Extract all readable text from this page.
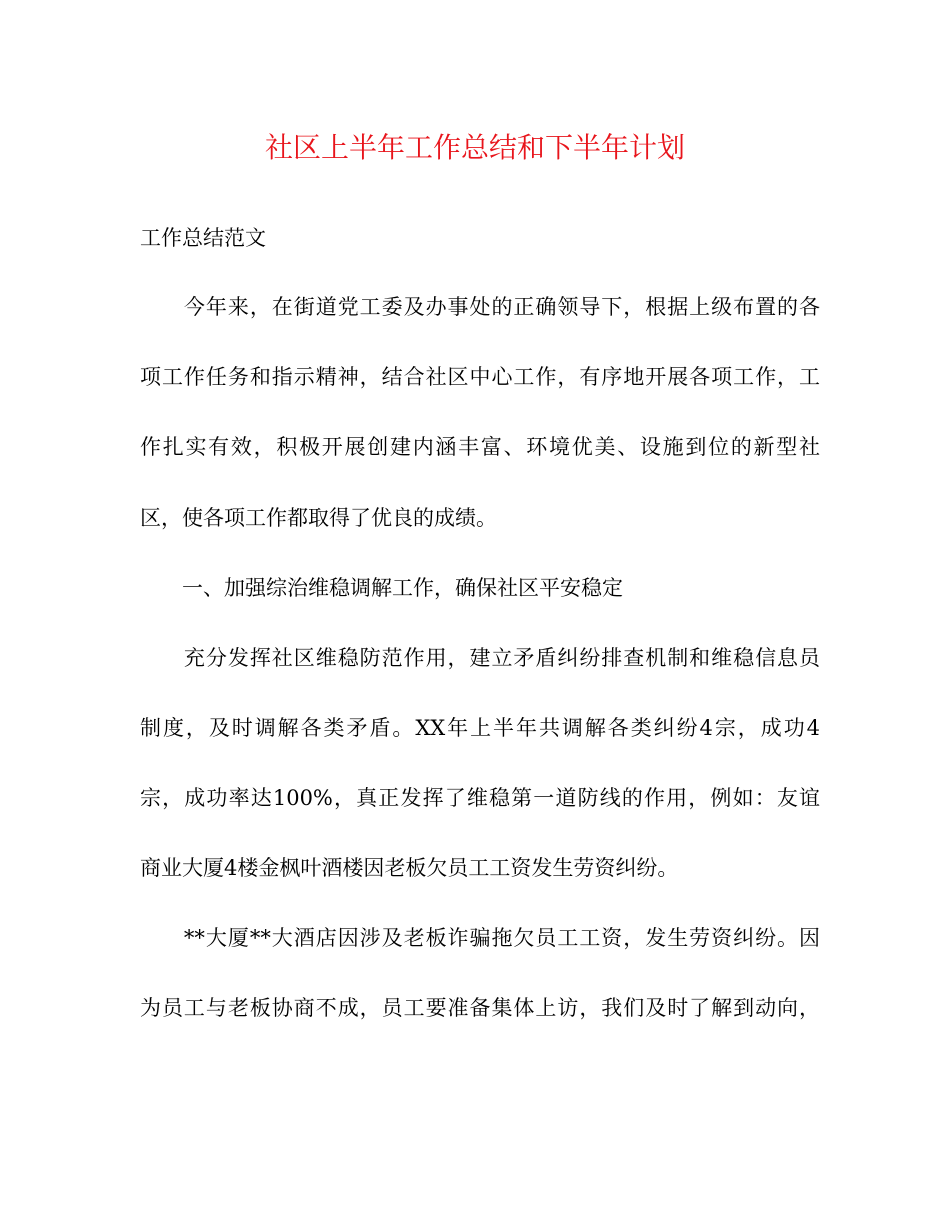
社区上半年工作总结和下半年计划

工作总结范文

　　今年来，在街道党工委及办事处的正确领导下，根据上级布置的各

项工作任务和指示精神，结合社区中心工作，有序地开展各项工作，工

作扎实有效，积极开展创建内涵丰富、环境优美、设施到位的新型社

区，使各项工作都取得了优良的成绩。

　　一、加强综治维稳调解工作，确保社区平安稳定

　　充分发挥社区维稳防范作用，建立矛盾纠纷排查机制和维稳信息员

制度，及时调解各类矛盾。XX年上半年共调解各类纠纷4宗，成功4

宗，成功率达100%，真正发挥了维稳第一道防线的作用，例如：友谊

商业大厦4楼金枫叶酒楼因老板欠员工工资发生劳资纠纷。

　　**大厦**大酒店因涉及老板诈骗拖欠员工工资，发生劳资纠纷。因

为员工与老板协商不成，员工要准备集体上访，我们及时了解到动向，
